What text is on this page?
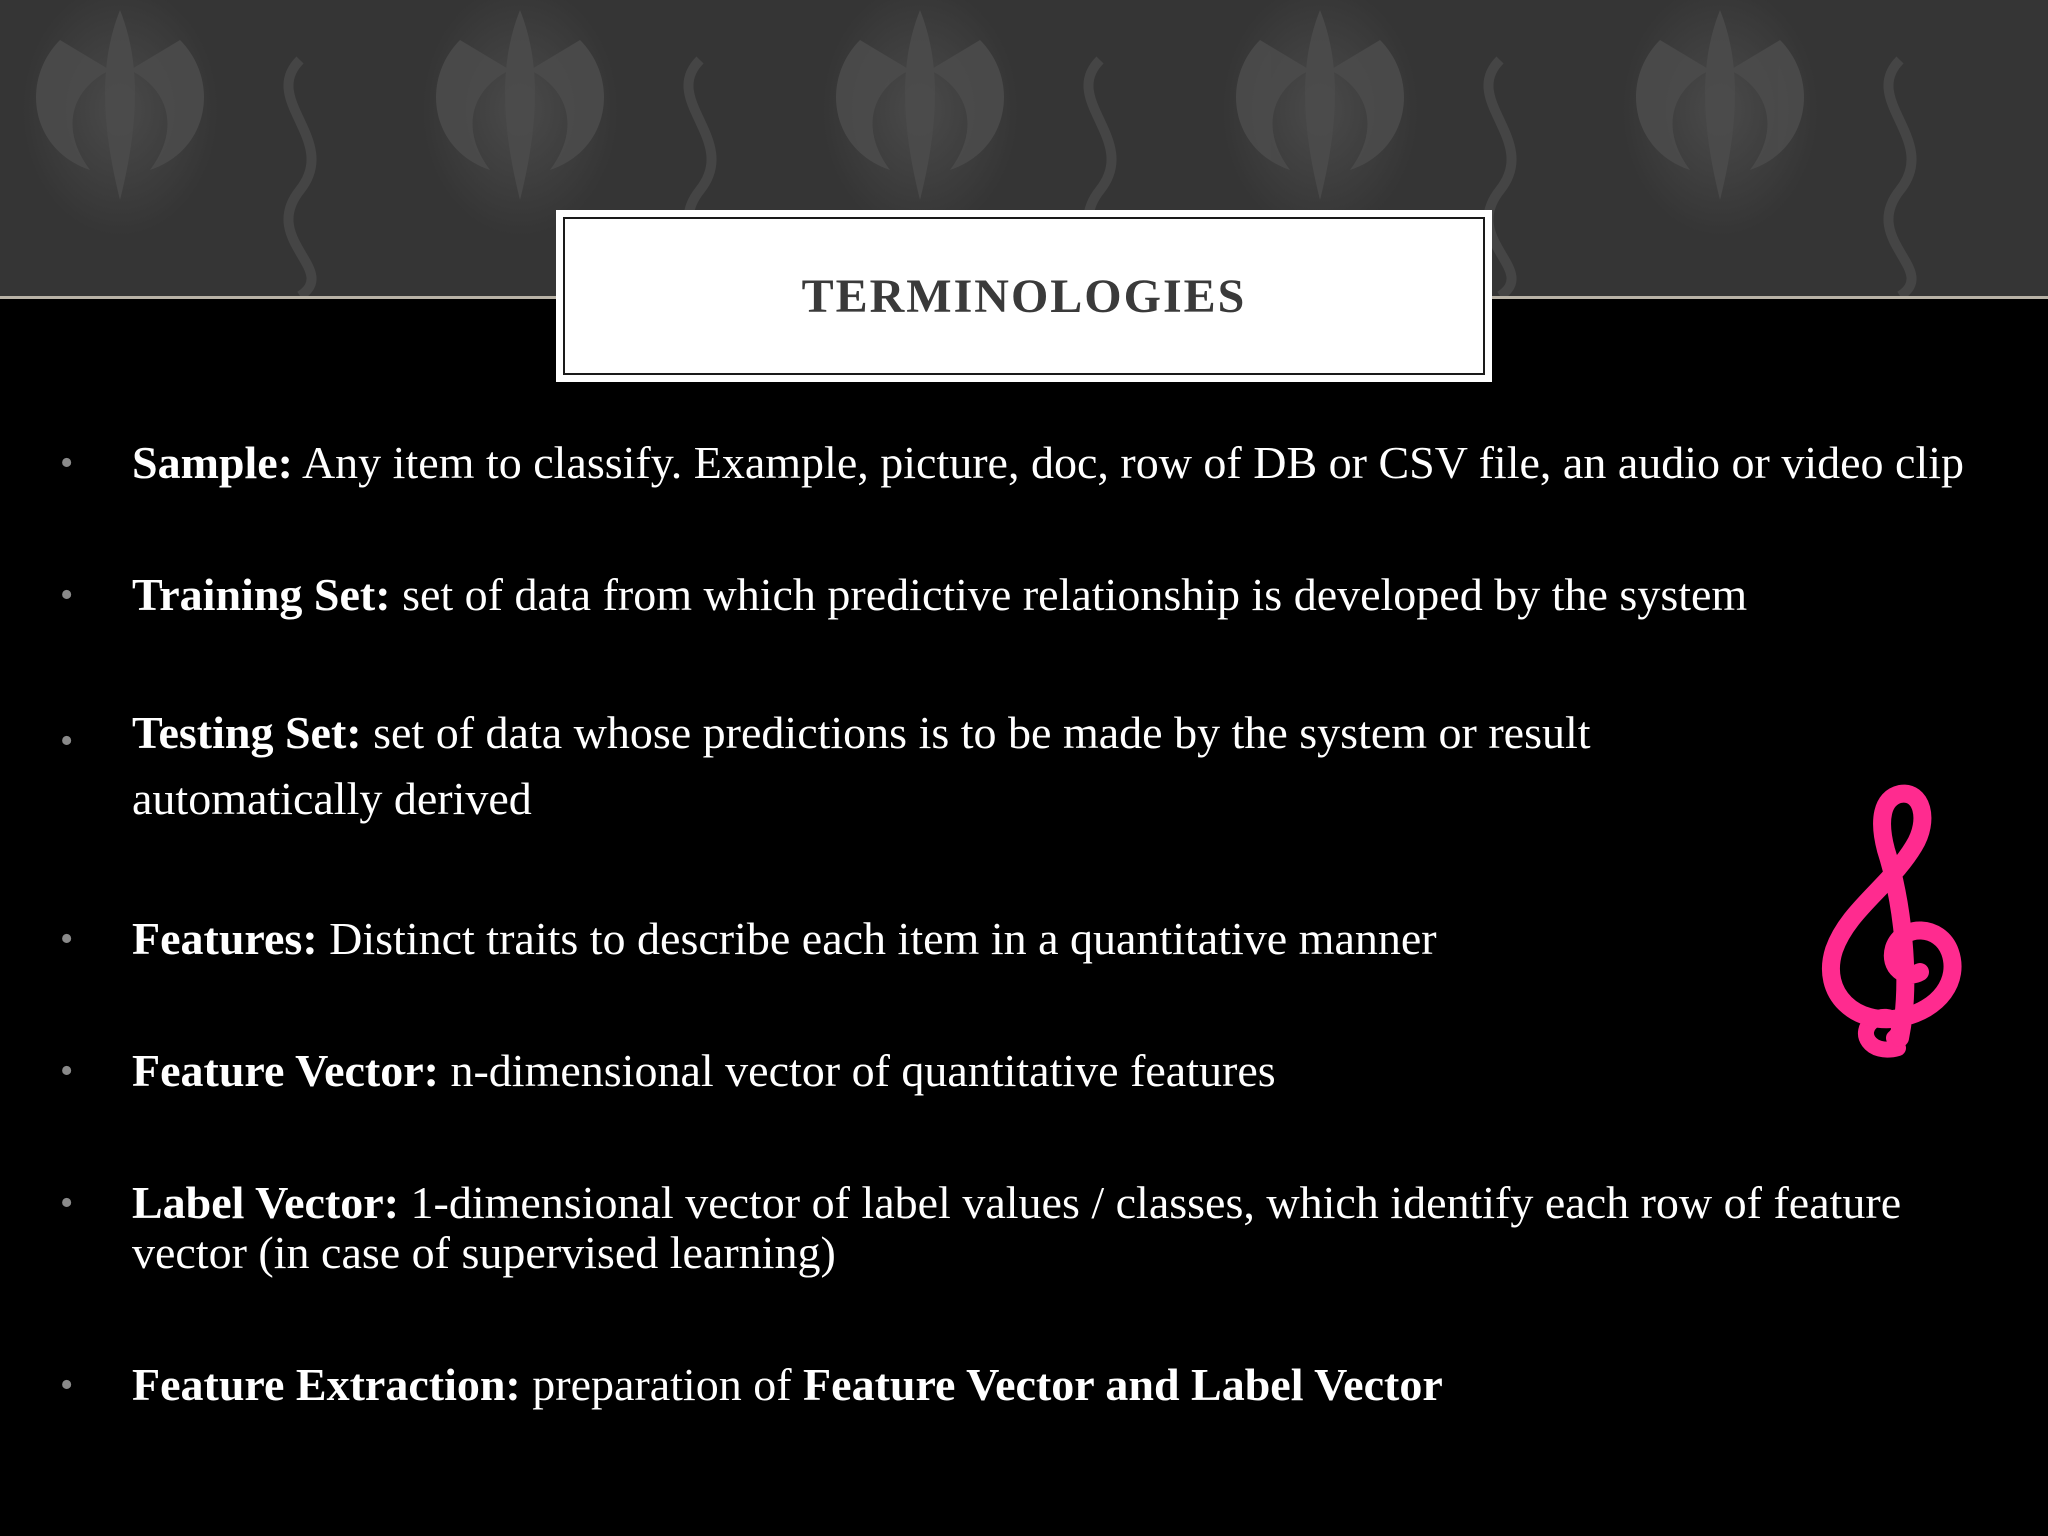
TERMINOLOGIES
• Sample: Any item to classify. Example, picture, doc, row of DB or CSV file, an audio or video clip
• Training Set: set of data from which predictive relationship is developed by the system
• Testing Set: set of data whose predictions is to be made by the system or result automatically derived
• Features: Distinct traits to describe each item in a quantitative manner
• Feature Vector: n-dimensional vector of quantitative features
• Label Vector: 1-dimensional vector of label values / classes, which identify each row of feature vector (in case of supervised learning)
• Feature Extraction: preparation of Feature Vector and Label Vector
